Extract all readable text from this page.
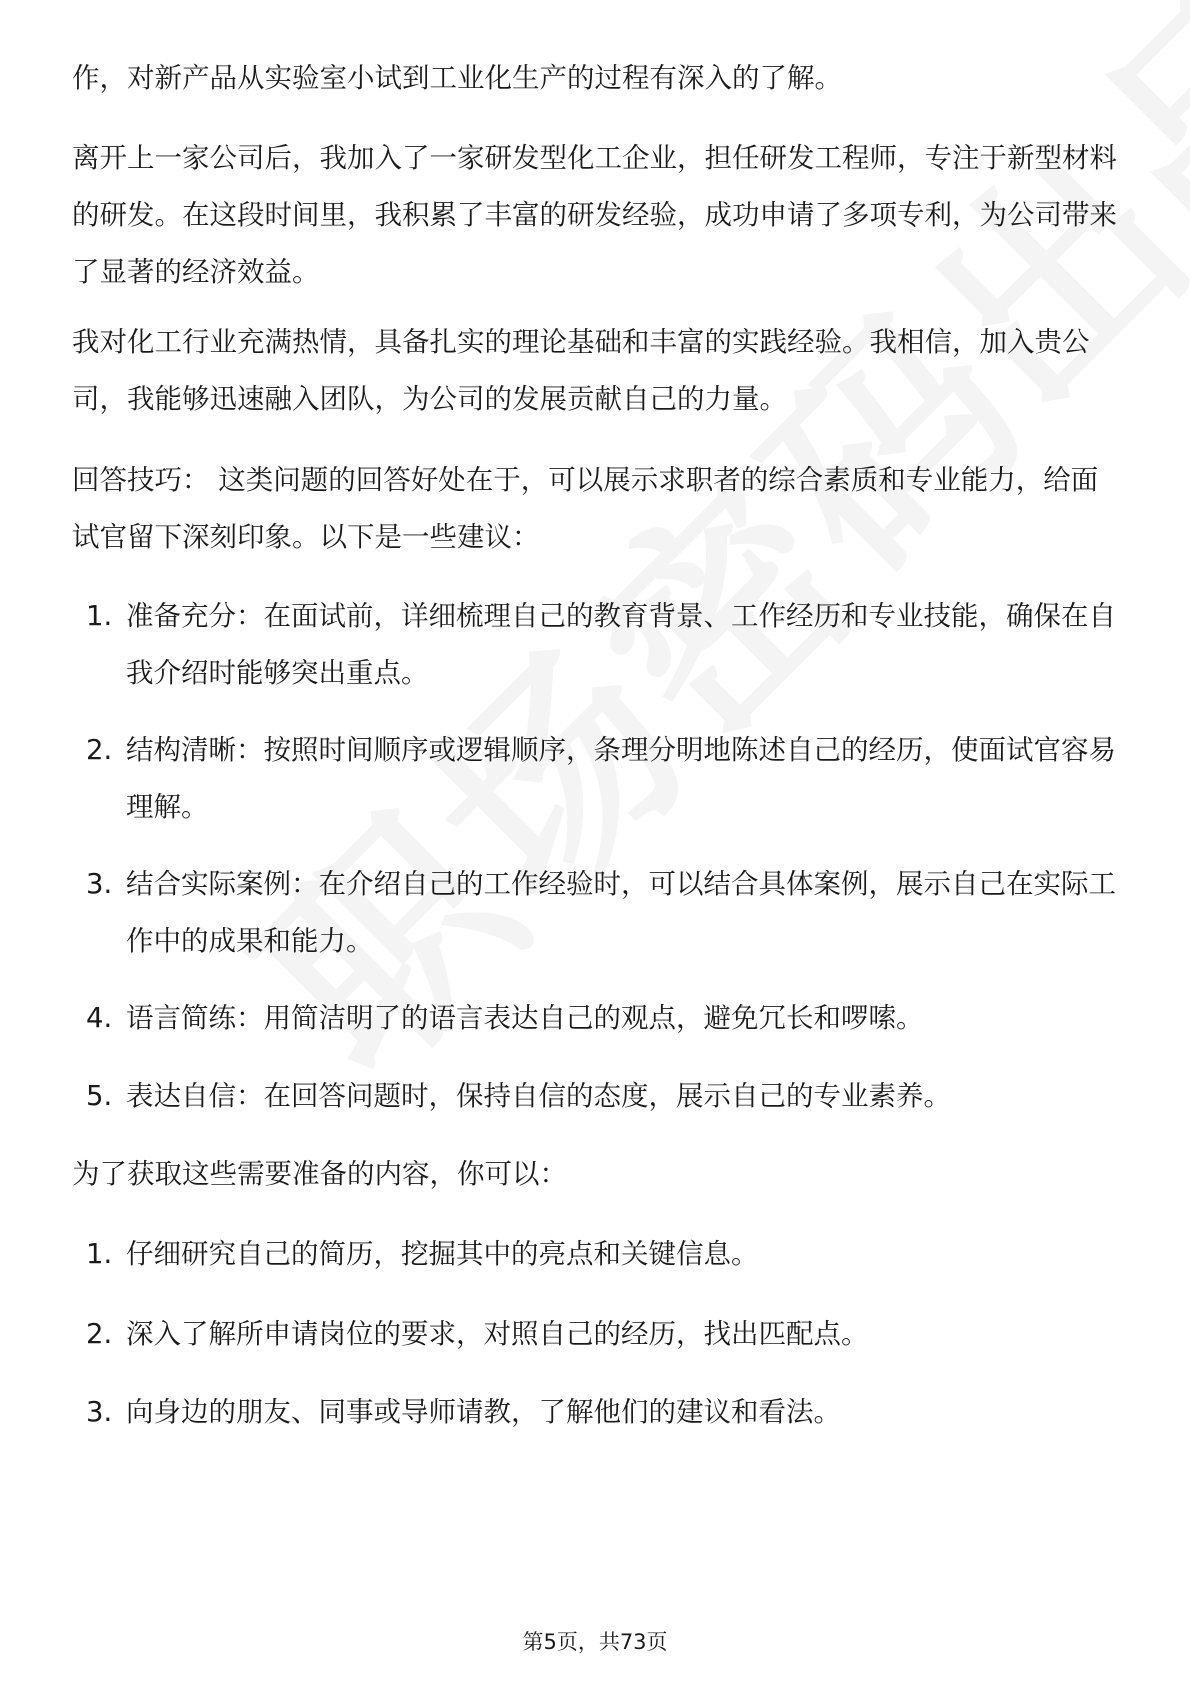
作，对新产品从实验室小试到工业化生产的过程有深入的了解。

离开上一家公司后，我加入了一家研发型化工企业，担任研发工程师，专注于新型材料的研发。在这段时间里，我积累了丰富的研发经验，成功申请了多项专利，为公司带来了显著的经济效益。

我对化工行业充满热情，具备扎实的理论基础和丰富的实践经验。我相信，加入贵公司，我能够迅速融入团队，为公司的发展贡献自己的力量。

回答技巧： 这类问题的回答好处在于，可以展示求职者的综合素质和专业能力，给面试官留下深刻印象。以下是一些建议：

1. 准备充分：在面试前，详细梳理自己的教育背景、工作经历和专业技能，确保在自我介绍时能够突出重点。
2. 结构清晰：按照时间顺序或逻辑顺序，条理分明地陈述自己的经历，使面试官容易理解。
3. 结合实际案例：在介绍自己的工作经验时，可以结合具体案例，展示自己在实际工作中的成果和能力。
4. 语言简练：用简洁明了的语言表达自己的观点，避免冗长和啰嗦。
5. 表达自信：在回答问题时，保持自信的态度，展示自己的专业素养。

为了获取这些需要准备的内容，你可以：

1. 仔细研究自己的简历，挖掘其中的亮点和关键信息。
2. 深入了解所申请岗位的要求，对照自己的经历，找出匹配点。
3. 向身边的朋友、同事或导师请教，了解他们的建议和看法。
第5页，共73页
